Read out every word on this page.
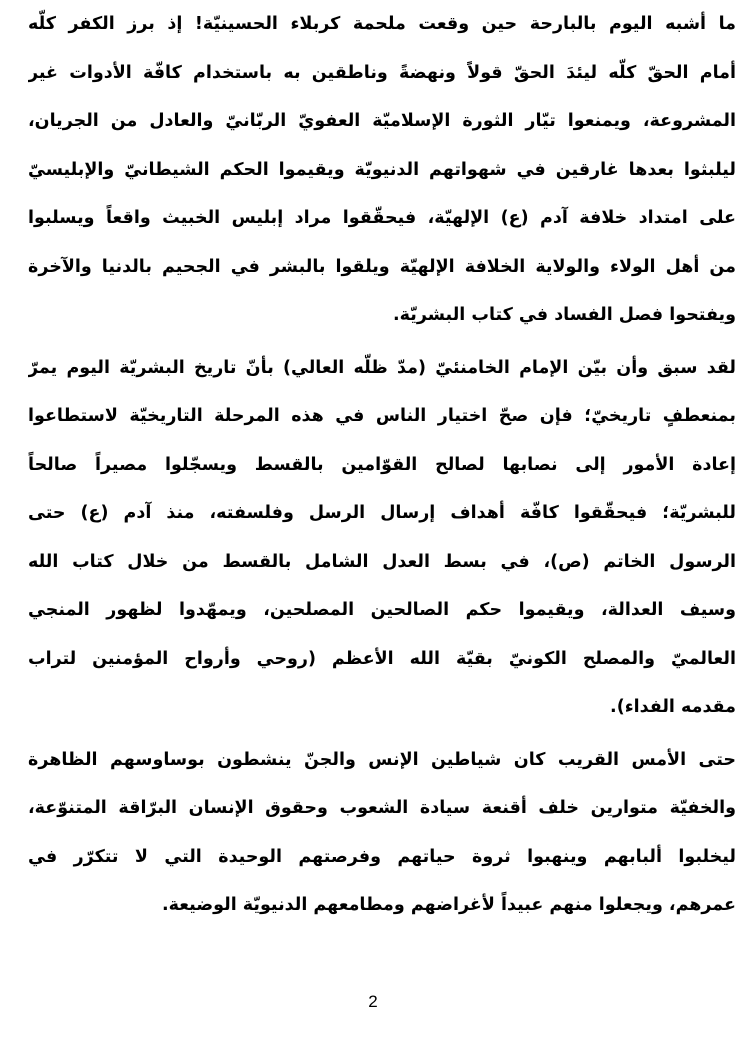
ما أشبه اليوم بالبارحة حين وقعت ملحمة كربلاء الحسينيّة! إذ برز الكفر كلّه
أمام الحقّ كلّه ليئدَ الحقّ قولاً ونهضةً وناطقين به باستخدام كافّة الأدوات غير
المشروعة، ويمنعوا تيّار الثورة الإسلاميّة العفويّ الربّانيّ والعادل من الجريان،
ليلبثوا بعدها غارقين في شهواتهم الدنيويّة ويقيموا الحكم الشيطانيّ والإبليسيّ
على امتداد خلافة آدم (ع) الإلهيّة، فيحقّقوا مراد إبليس الخبيث واقعاً ويسلبوا
من أهل الولاء والولاية الخلافة الإلهيّة ويلقوا بالبشر في الجحيم بالدنيا والآخرة
ويفتحوا فصل الفساد في كتاب البشريّة.
لقد سبق وأن بيّن الإمام الخامنئيّ (مدّ ظلّه العالي) بأنّ تاريخ البشريّة اليوم يمرّ
بمنعطفٍ تاريخيّ؛ فإن صحّ اختيار الناس في هذه المرحلة التاريخيّة لاستطاعوا
إعادة الأمور إلى نصابها لصالح القوّامين بالقسط ويسجّلوا مصيراً صالحاً
للبشريّة؛ فيحقّقوا كافّة أهداف إرسال الرسل وفلسفته، منذ آدم (ع) حتى
الرسول الخاتم (ص)، في بسط العدل الشامل بالقسط من خلال كتاب الله
وسيف العدالة، ويقيموا حكم الصالحين المصلحين، ويمهّدوا لظهور المنجي
العالميّ والمصلح الكونيّ بقيّة الله الأعظم (روحي وأرواح المؤمنين لتراب
مقدمه الفداء).
حتى الأمس القريب كان شياطين الإنس والجنّ ينشطون بوساوسهم الظاهرة
والخفيّة متوارين خلف أقنعة سيادة الشعوب وحقوق الإنسان البرّاقة المتنوّعة،
ليخلبوا ألبابهم وينهبوا ثروة حياتهم وفرصتهم الوحيدة التي لا تتكرّر في
عمرهم، ويجعلوا منهم عبيداً لأغراضهم ومطامعهم الدنيويّة الوضيعة.
2
